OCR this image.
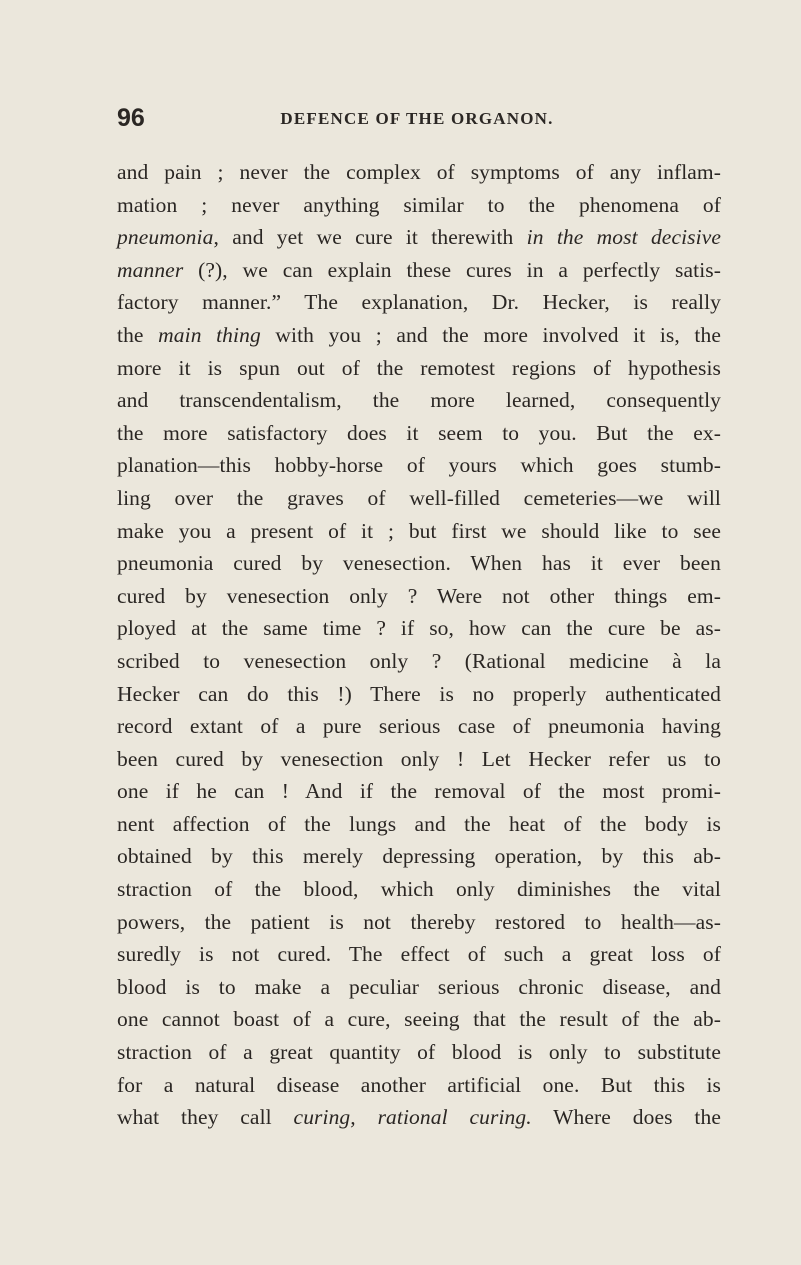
96	DEFENCE OF THE ORGANON.
and pain ; never the complex of symptoms of any inflam-
mation ; never anything similar to the phenomena of
pneumonia, and yet we cure it therewith in the most decisive
manner (?), we can explain these cures in a perfectly satis-
factory manner.” The explanation, Dr. Hecker, is really
the main thing with you ; and the more involved it is, the
more it is spun out of the remotest regions of hypothesis
and transcendentalism, the more learned, consequently
the more satisfactory does it seem to you. But the ex-
planation—this hobby-horse of yours which goes stumb-
ling over the graves of well-filled cemeteries—we will
make you a present of it ; but first we should like to see
pneumonia cured by venesection. When has it ever been
cured by venesection only ? Were not other things em-
ployed at the same time ? if so, how can the cure be as-
scribed to venesection only ? (Rational medicine à la
Hecker can do this !) There is no properly authenticated
record extant of a pure serious case of pneumonia having
been cured by venesection only ! Let Hecker refer us to
one if he can ! And if the removal of the most promi-
nent affection of the lungs and the heat of the body is
obtained by this merely depressing operation, by this ab-
straction of the blood, which only diminishes the vital
powers, the patient is not thereby restored to health—as-
suredly is not cured. The effect of such a great loss of
blood is to make a peculiar serious chronic disease, and
one cannot boast of a cure, seeing that the result of the ab-
straction of a great quantity of blood is only to substitute
for a natural disease another artificial one. But this is
what they call curing, rational curing. Where does the
